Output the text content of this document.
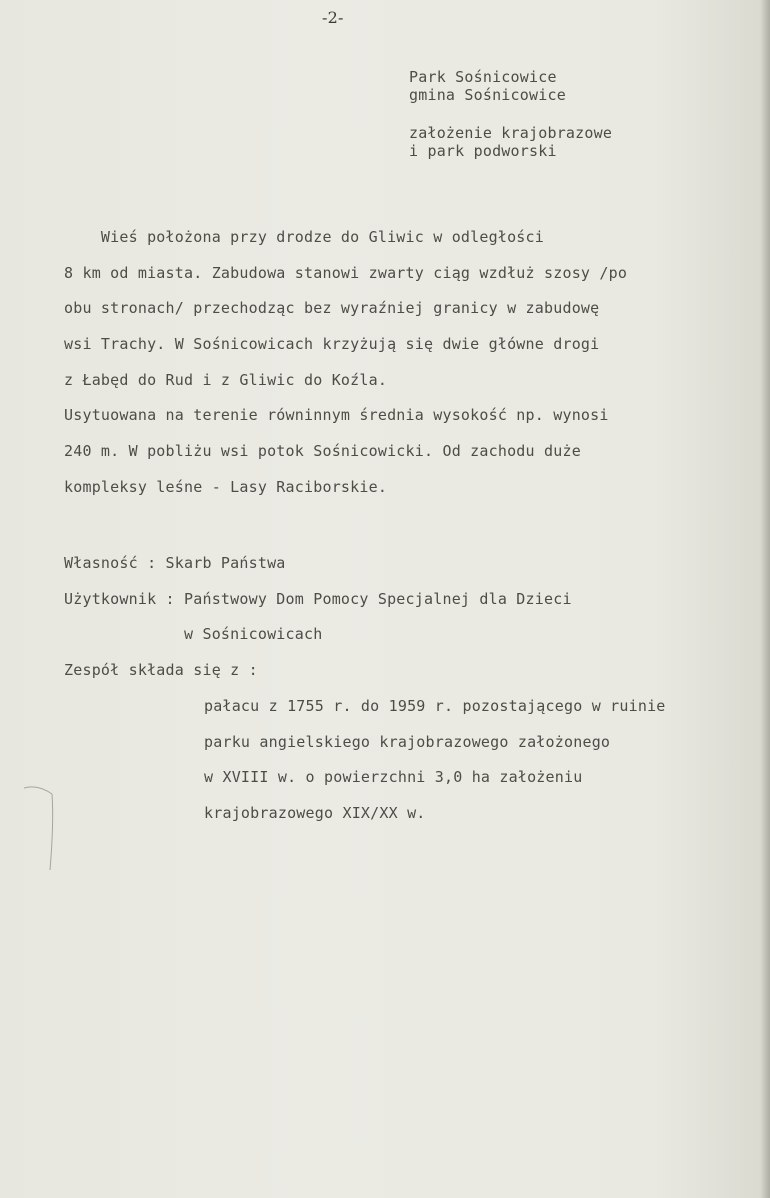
-2-
Park Sośnicowice
gmina Sośnicowice
założenie krajobrazowe
i park podworski
Wieś położona przy drodze do Gliwic w odległości
8 km od miasta. Zabudowa stanowi zwarty ciąg wzdłuż szosy /po
obu stronach/ przechodząc bez wyraźniej granicy w zabudowę
wsi Trachy. W Sośnicowicach krzyżują się dwie główne drogi
z Łabęd do Rud i z Gliwic do Koźla.
Usytuowana na terenie równinnym średnia wysokość np. wynosi
240 m. W pobliżu wsi potok Sośnicowicki. Od zachodu duże
kompleksy leśne - Lasy Raciborskie.
Własność : Skarb Państwa
Użytkownik : Państwowy Dom Pomocy Specjalnej dla Dzieci
w Sośnicowicach
Zespół składa się z :
pałacu z 1755 r. do 1959 r. pozostającego w ruinie
parku angielskiego krajobrazowego założonego
w XVIII w. o powierzchni 3,0 ha założeniu
krajobrazowego XIX/XX w.
